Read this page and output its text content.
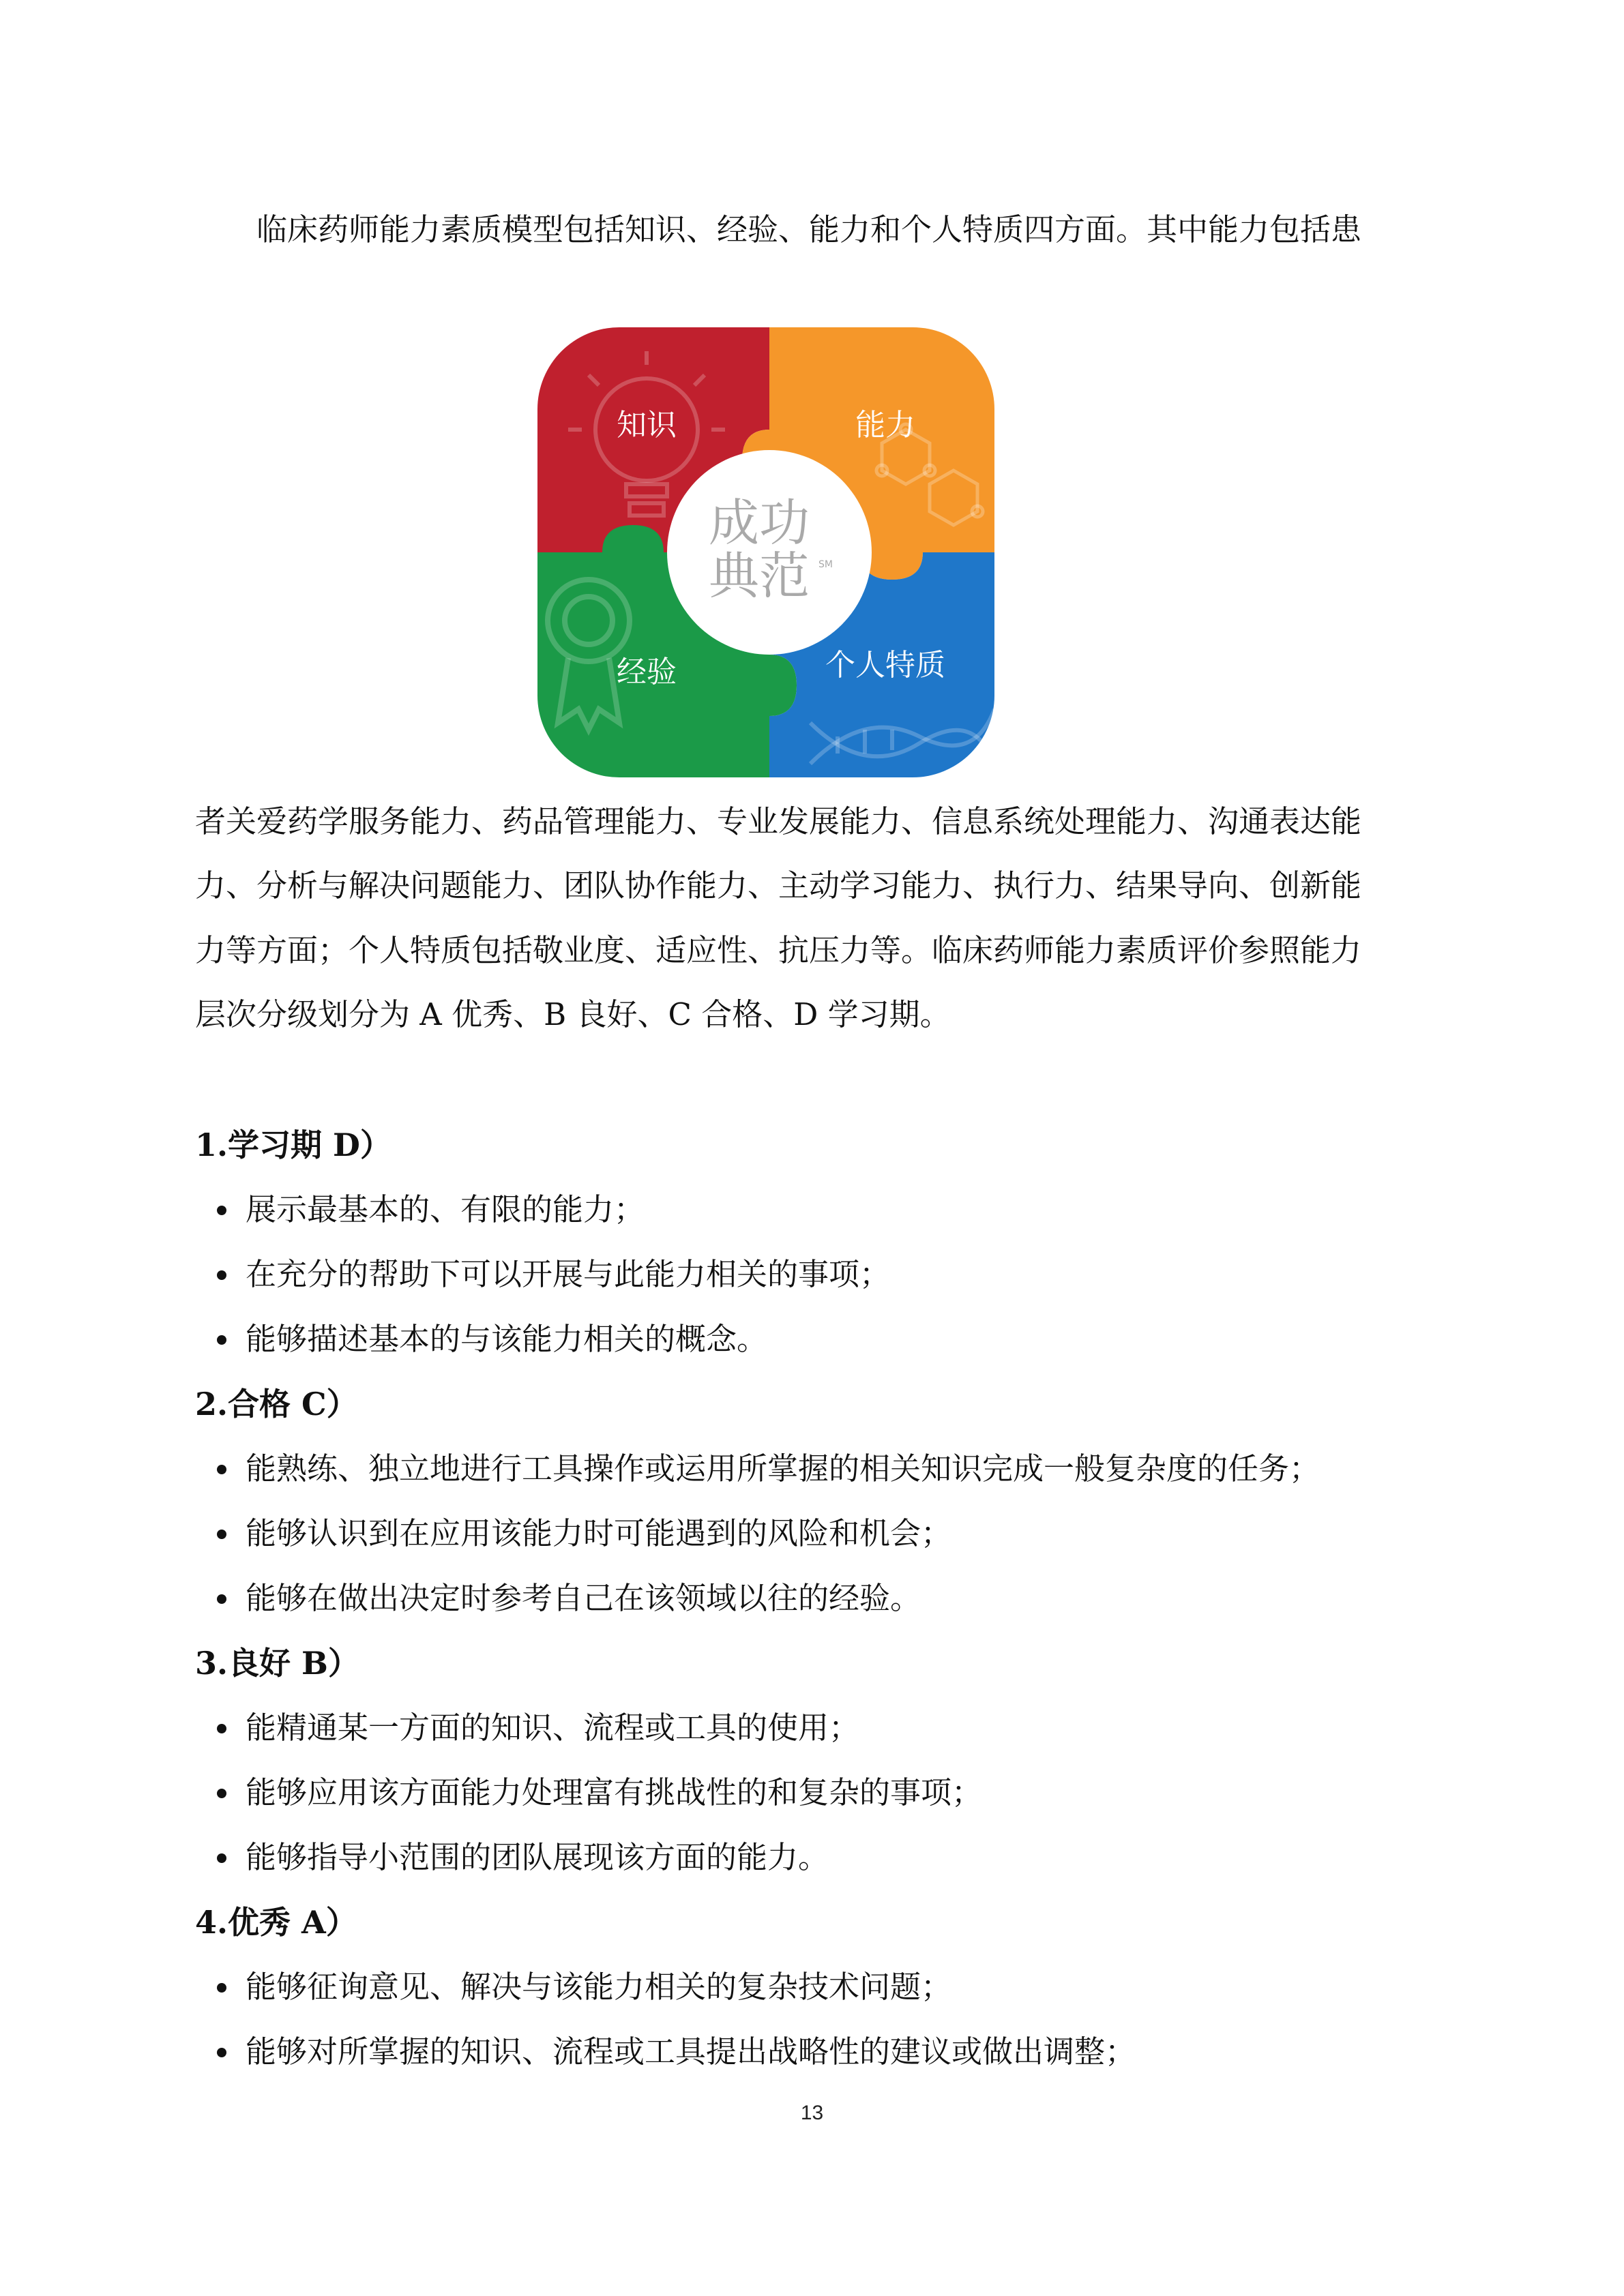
临床药师能力素质模型包括知识、经验、能力和个人特质四方面。其中能力包括患
成功
典范 SM
知识	能力
经验	个人特质
者关爱药学服务能力、药品管理能力、专业发展能力、信息系统处理能力、沟通表达能
力、分析与解决问题能力、团队协作能力、主动学习能力、执行力、结果导向、创新能
力等方面；个人特质包括敬业度、适应性、抗压力等。临床药师能力素质评价参照能力
层次分级划分为 A 优秀、B 良好、C 合格、D 学习期。
1.学习期 D）
展示最基本的、有限的能力；
在充分的帮助下可以开展与此能力相关的事项；
能够描述基本的与该能力相关的概念。
2.合格 C）
能熟练、独立地进行工具操作或运用所掌握的相关知识完成一般复杂度的任务；
能够认识到在应用该能力时可能遇到的风险和机会；
能够在做出决定时参考自己在该领域以往的经验。
3.良好 B）
能精通某一方面的知识、流程或工具的使用；
能够应用该方面能力处理富有挑战性的和复杂的事项；
能够指导小范围的团队展现该方面的能力。
4.优秀 A）
能够征询意见、解决与该能力相关的复杂技术问题；
能够对所掌握的知识、流程或工具提出战略性的建议或做出调整；
13
